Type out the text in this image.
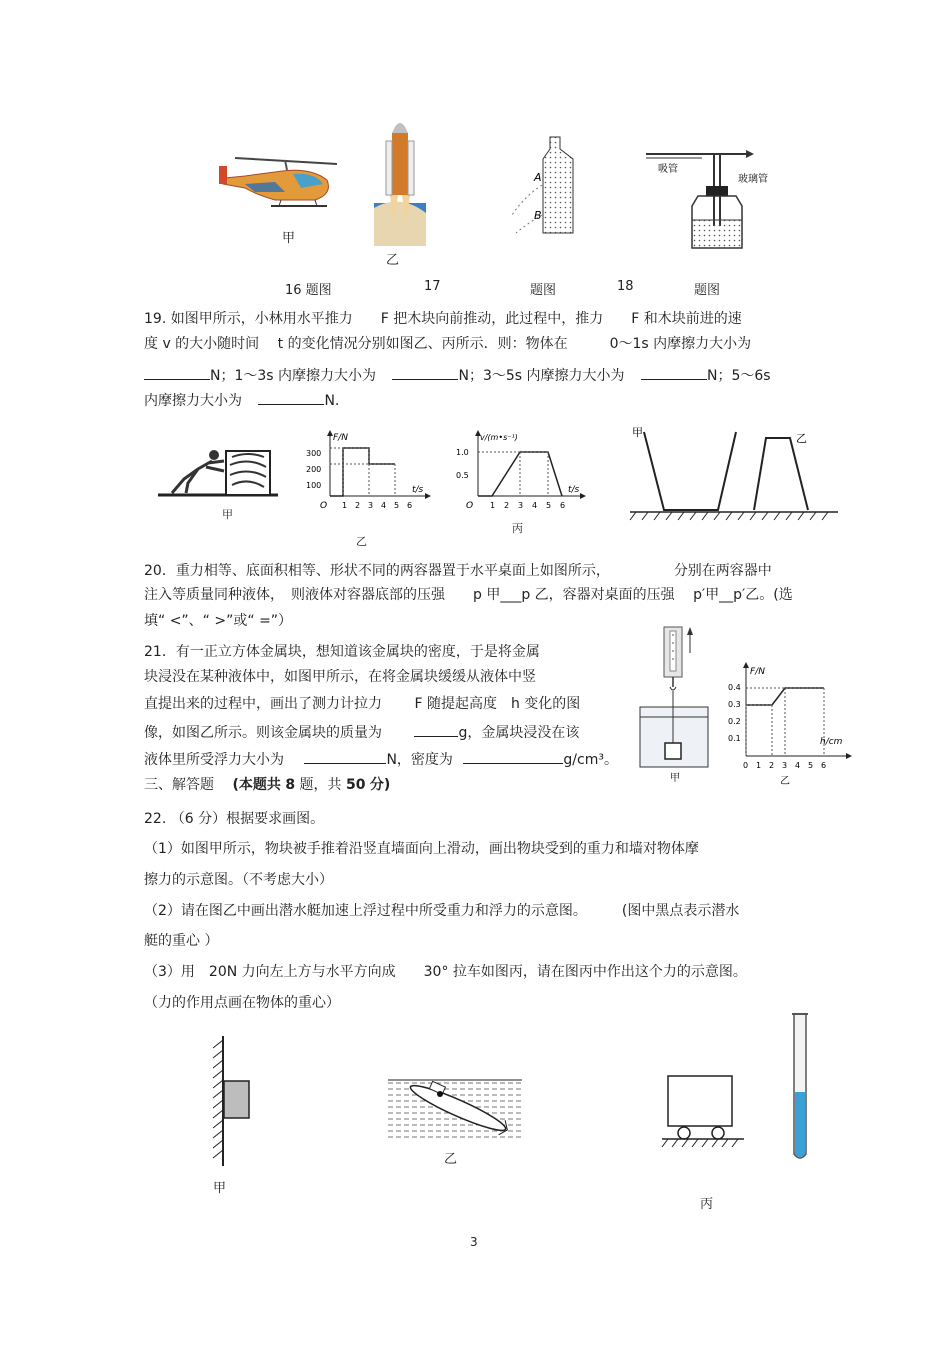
甲
乙
A
B
吸管
玻璃管
16 题图	17	题图	18	题图
19. 如图甲所示，小林用水平推力　　F 把木块向前推动，此过程中，推力　　F 和木块前进的速
度 v 的大小随时间　 t 的变化情况分别如图乙、丙所示．则：物体在　　　0～1s 内摩擦力大小为
N；1～3s 内摩擦力大小为	N；3～5s 内摩擦力大小为	N；5～6s
内摩擦力大小为	N.
甲
F/N
t/s
300
200
100
O 1 2 3 4 5 6
乙
v/(m•s⁻¹)
t/s
1.0
0.5
O 1 2 3 4 5 6
丙
甲	乙
20．重力相等、底面积相等、形状不同的两容器置于水平桌面上如图所示，	分别在两容器中
注入等质量同种液体，　则液体对容器底部的压强　　p 甲___p 乙，容器对桌面的压强　 p′甲__p′乙。(选
填“ <”、“ >”或“ =”）
21．有一正立方体金属块，想知道该金属块的密度，于是将金属
块浸没在某种液体中，如图甲所示，在将金属块缓缓从液体中竖
直提出来的过程中，画出了测力计拉力　　 F 随提起高度　h 变化的图
像，如图乙所示。则该金属块的质量为	g，金属块浸没在该
液体里所受浮力大小为	N，密度为	g/cm³。
甲
F/N
h/cm
0.4
0.3
0.2
0.1
0 1 2 3 4 5 6
乙
三、解答题 (本题共 8 题，共 50 分)
22. （6 分）根据要求画图。
（1）如图甲所示，物块被手推着沿竖直墙面向上滑动，画出物块受到的重力和墙对物体摩
擦力的示意图。（不考虑大小）
（2）请在图乙中画出潜水艇加速上浮过程中所受重力和浮力的示意图。　　　(图中黑点表示潜水
艇的重心 ）
（3）用　20N 力向左上方与水平方向成　　30° 拉车如图丙，请在图丙中作出这个力的示意图。
（力的作用点画在物体的重心）
甲
乙
丙
3
